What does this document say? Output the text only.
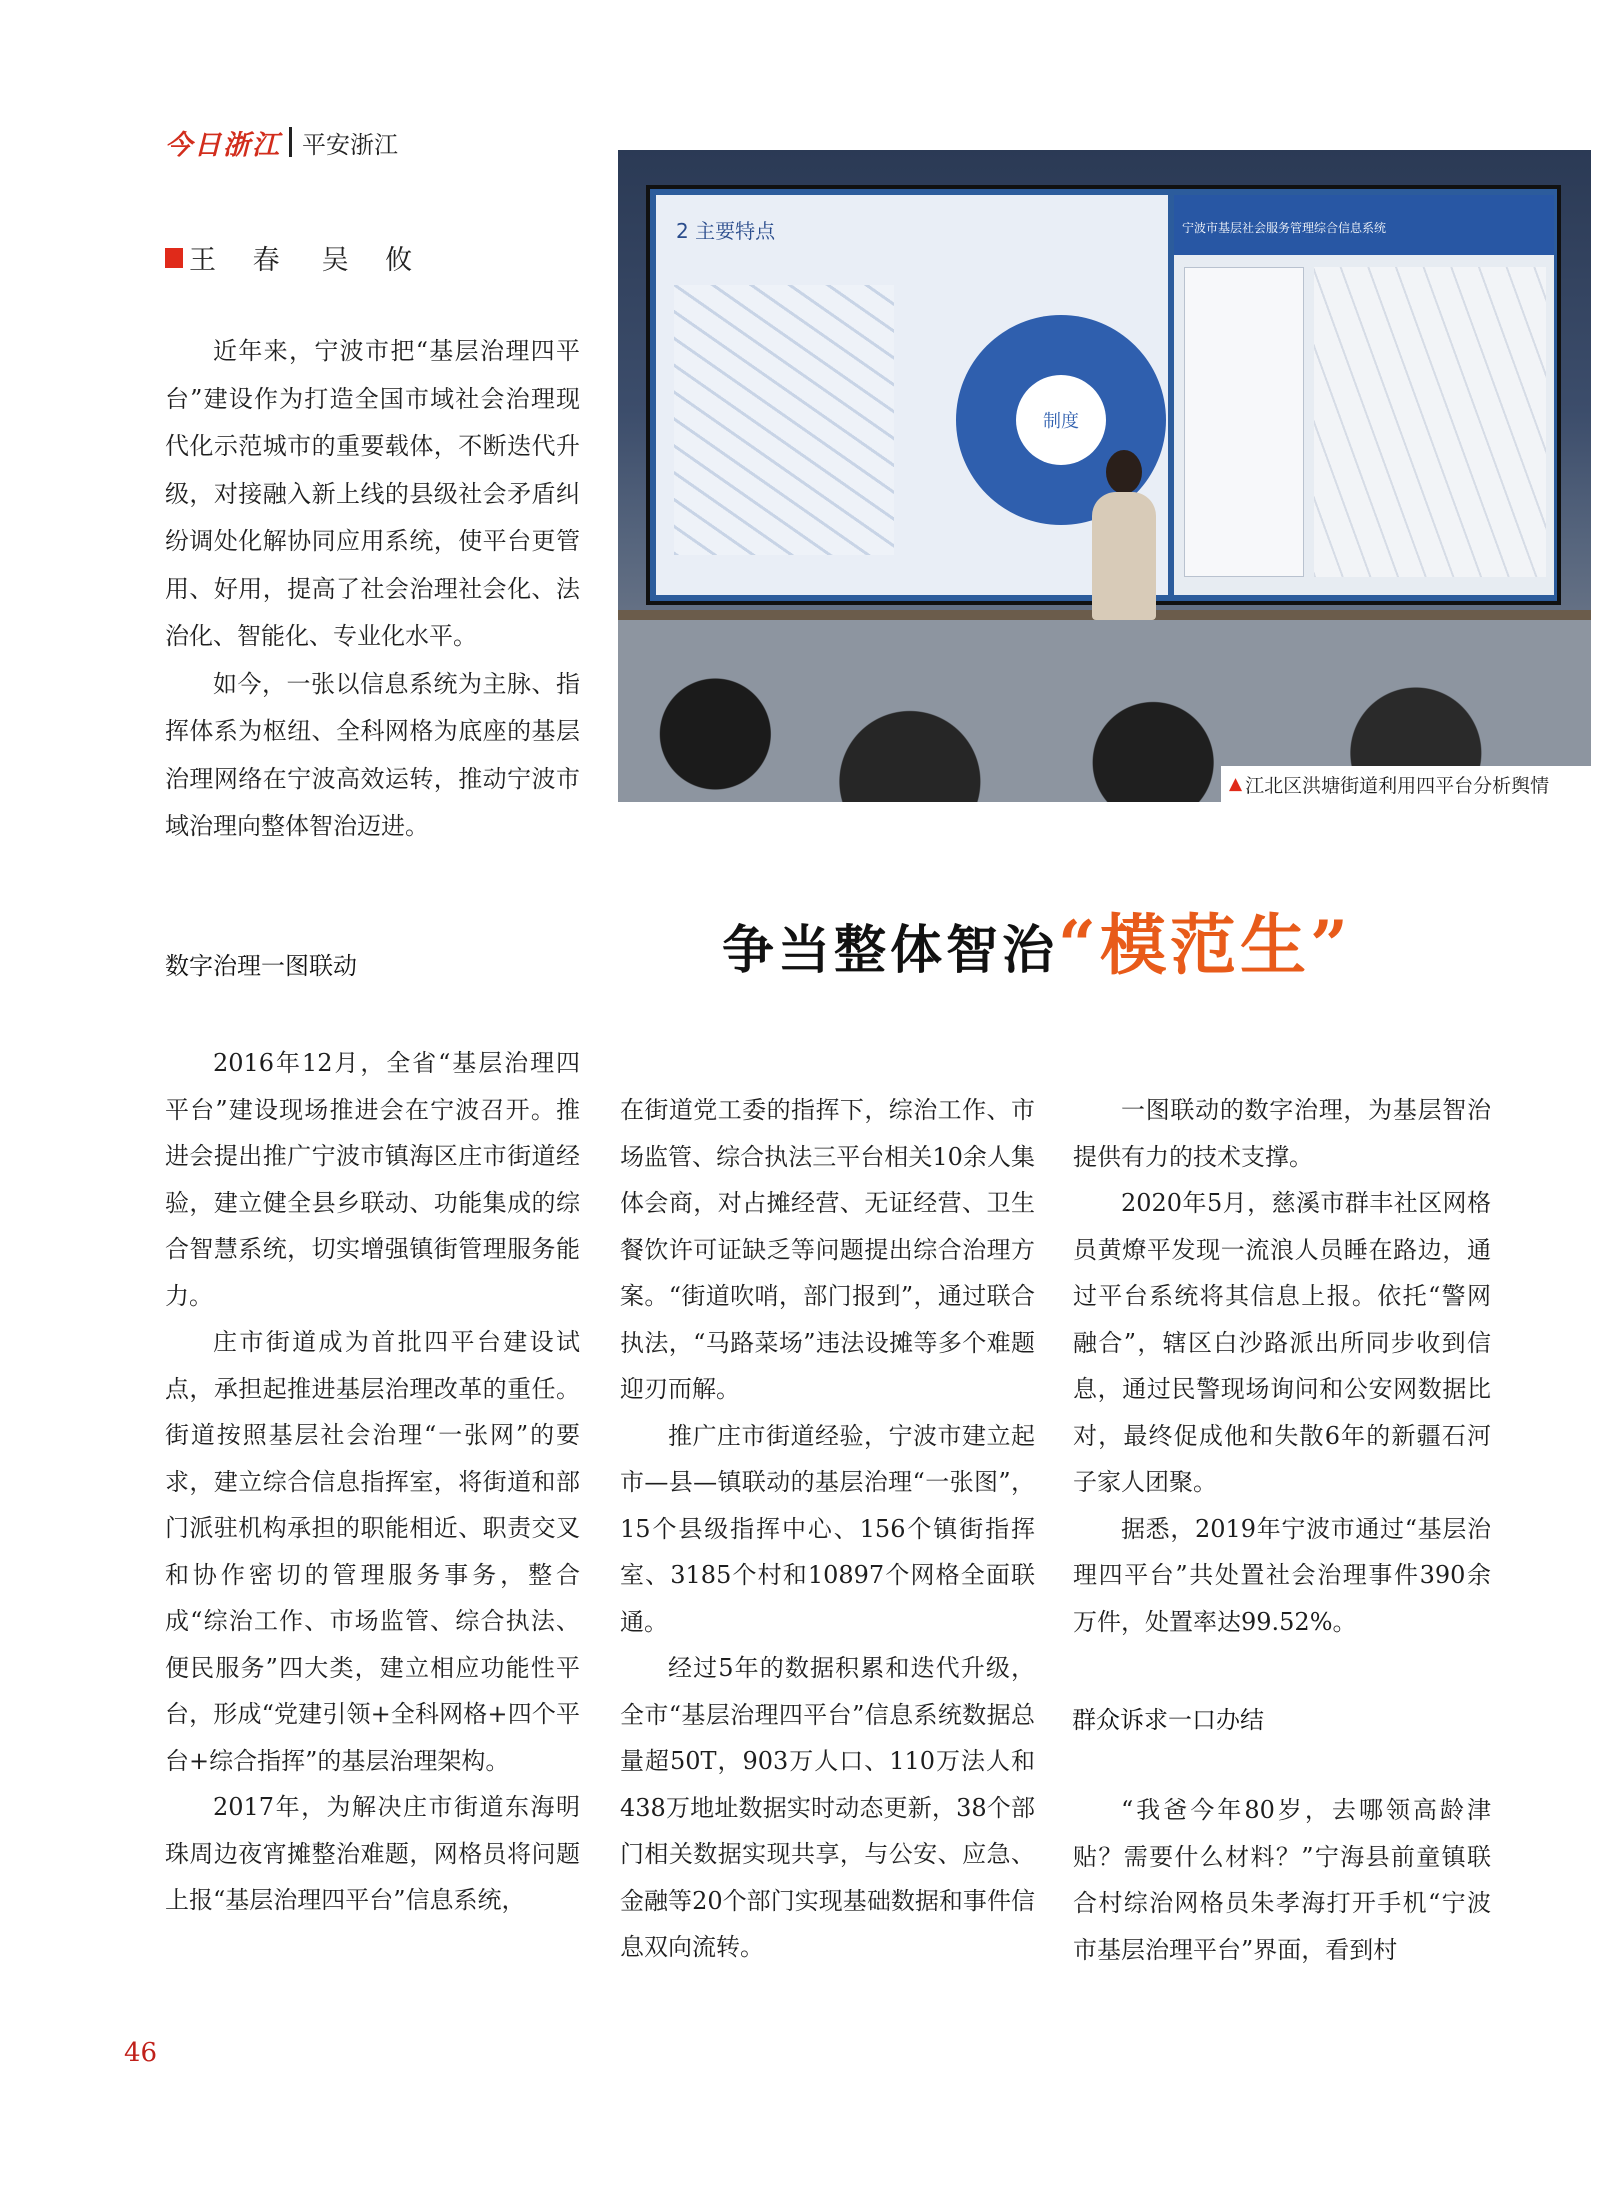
今日浙江 平安浙江
王 春 吴 攸

近年来，宁波市把“基层治理四平台”建设作为打造全国市域社会治理现代化示范城市的重要载体，不断迭代升级，对接融入新上线的县级社会矛盾纠纷调处化解协同应用系统，使平台更管用、好用，提高了社会治理社会化、法治化、智能化、专业化水平。

如今，一张以信息系统为主脉、指挥体系为枢纽、全科网格为底座的基层治理网络在宁波高效运转，推动宁波市域治理向整体智治迈进。

2 主要特点
制度
宁波市基层社会服务管理综合信息系统
▲ 江北区洪塘街道利用四平台分析舆情
争当整体智治“模范生”
数字治理一图联动
群众诉求一口办结

2016年12月，全省“基层治理四平台”建设现场推进会在宁波召开。推进会提出推广宁波市镇海区庄市街道经验，建立健全县乡联动、功能集成的综合智慧系统，切实增强镇街管理服务能力。

庄市街道成为首批四平台建设试点，承担起推进基层治理改革的重任。街道按照基层社会治理“一张网”的要求，建立综合信息指挥室，将街道和部门派驻机构承担的职能相近、职责交叉和协作密切的管理服务事务，整合成“综治工作、市场监管、综合执法、便民服务”四大类，建立相应功能性平台，形成“党建引领+全科网格+四个平台+综合指挥”的基层治理架构。

2017年，为解决庄市街道东海明珠周边夜宵摊整治难题，网格员将问题上报“基层治理四平台”信息系统，

在街道党工委的指挥下，综治工作、市场监管、综合执法三平台相关10余人集体会商，对占摊经营、无证经营、卫生餐饮许可证缺乏等问题提出综合治理方案。“街道吹哨，部门报到”，通过联合执法，“马路菜场”违法设摊等多个难题迎刃而解。

推广庄市街道经验，宁波市建立起市—县—镇联动的基层治理“一张图”，15个县级指挥中心、156个镇街指挥室、3185个村和10897个网格全面联通。

经过5年的数据积累和迭代升级，全市“基层治理四平台”信息系统数据总量超50T，903万人口、110万法人和438万地址数据实时动态更新，38个部门相关数据实现共享，与公安、应急、金融等20个部门实现基础数据和事件信息双向流转。

一图联动的数字治理，为基层智治提供有力的技术支撑。

2020年5月，慈溪市群丰社区网格员黄燎平发现一流浪人员睡在路边，通过平台系统将其信息上报。依托“警网融合”，辖区白沙路派出所同步收到信息，通过民警现场询问和公安网数据比对，最终促成他和失散6年的新疆石河子家人团聚。

据悉，2019年宁波市通过“基层治理四平台”共处置社会治理事件390余万件，处置率达99.52%。

“我爸今年80岁，去哪领高龄津贴？需要什么材料？”宁海县前童镇联合村综治网格员朱孝海打开手机“宁波市基层治理平台”界面，看到村

46
